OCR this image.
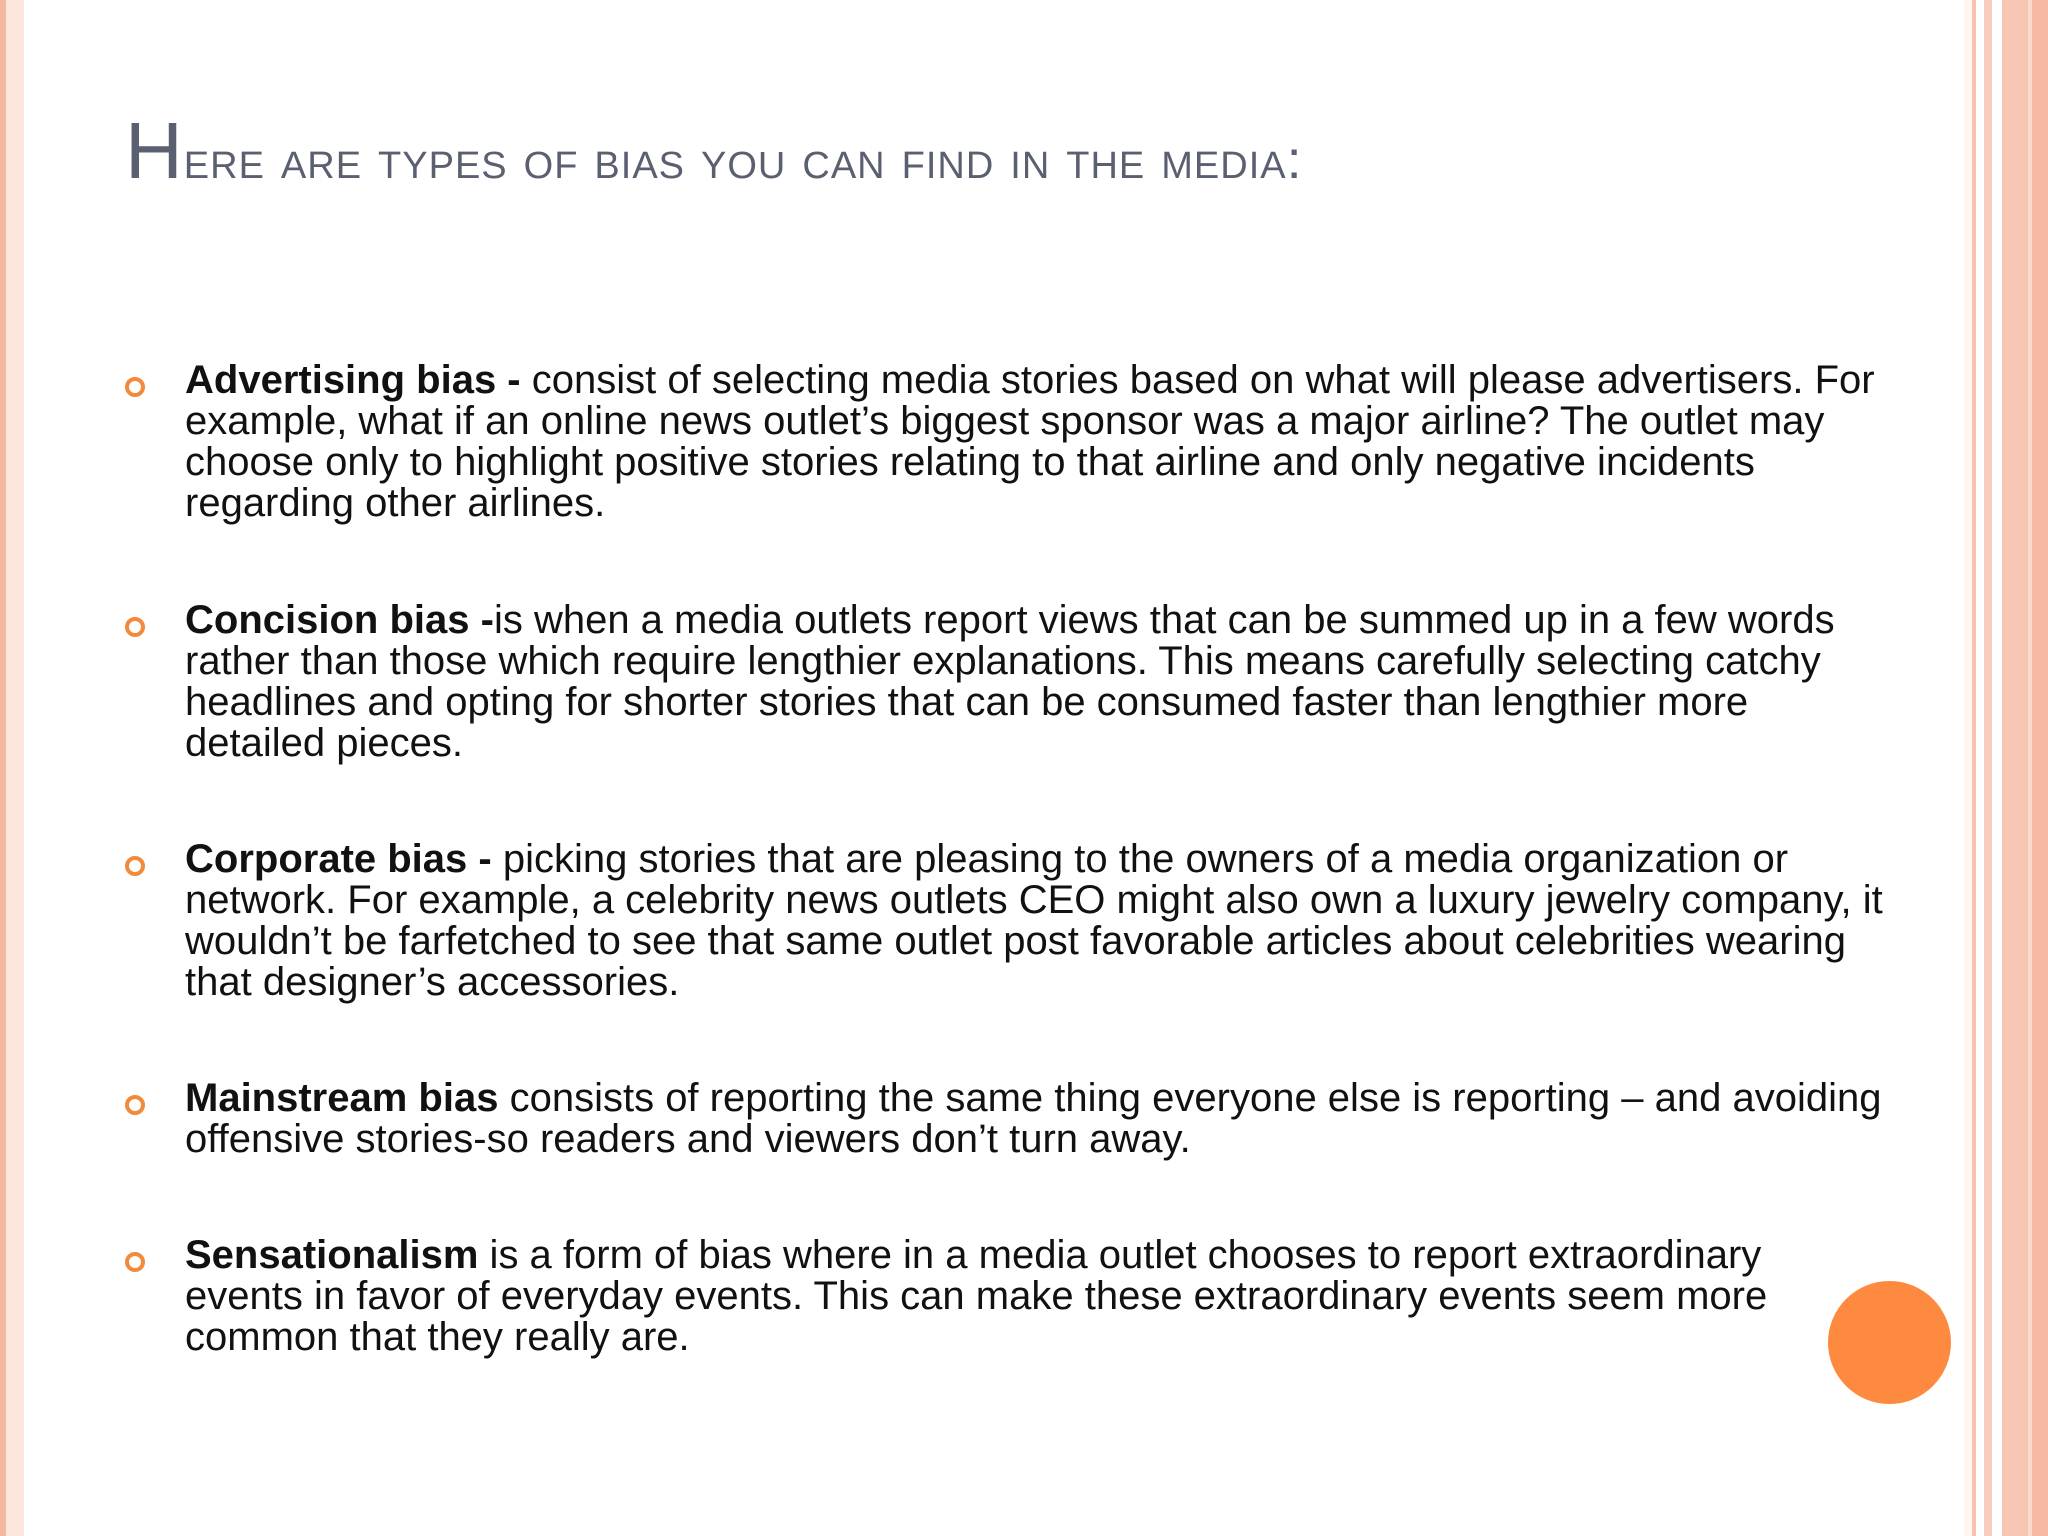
Here are types of bias you can find in the media:

Advertising bias - consist of selecting media stories based on what will please advertisers. For example, what if an online news outlet’s biggest sponsor was a major airline? The outlet may choose only to highlight positive stories relating to that airline and only negative incidents regarding other airlines.

Concision bias -is when a media outlets report views that can be summed up in a few words rather than those which require lengthier explanations. This means carefully selecting catchy headlines and opting for shorter stories that can be consumed faster than lengthier more detailed pieces.

Corporate bias - picking stories that are pleasing to the owners of a media organization or network. For example, a celebrity news outlets CEO might also own a luxury jewelry company, it wouldn’t be farfetched to see that same outlet post favorable articles about celebrities wearing that designer’s accessories.

Mainstream bias consists of reporting the same thing everyone else is reporting – and avoiding offensive stories-so readers and viewers don’t turn away.

Sensationalism is a form of bias where in a media outlet chooses to report extraordinary events in favor of everyday events. This can make these extraordinary events seem more common that they really are.
